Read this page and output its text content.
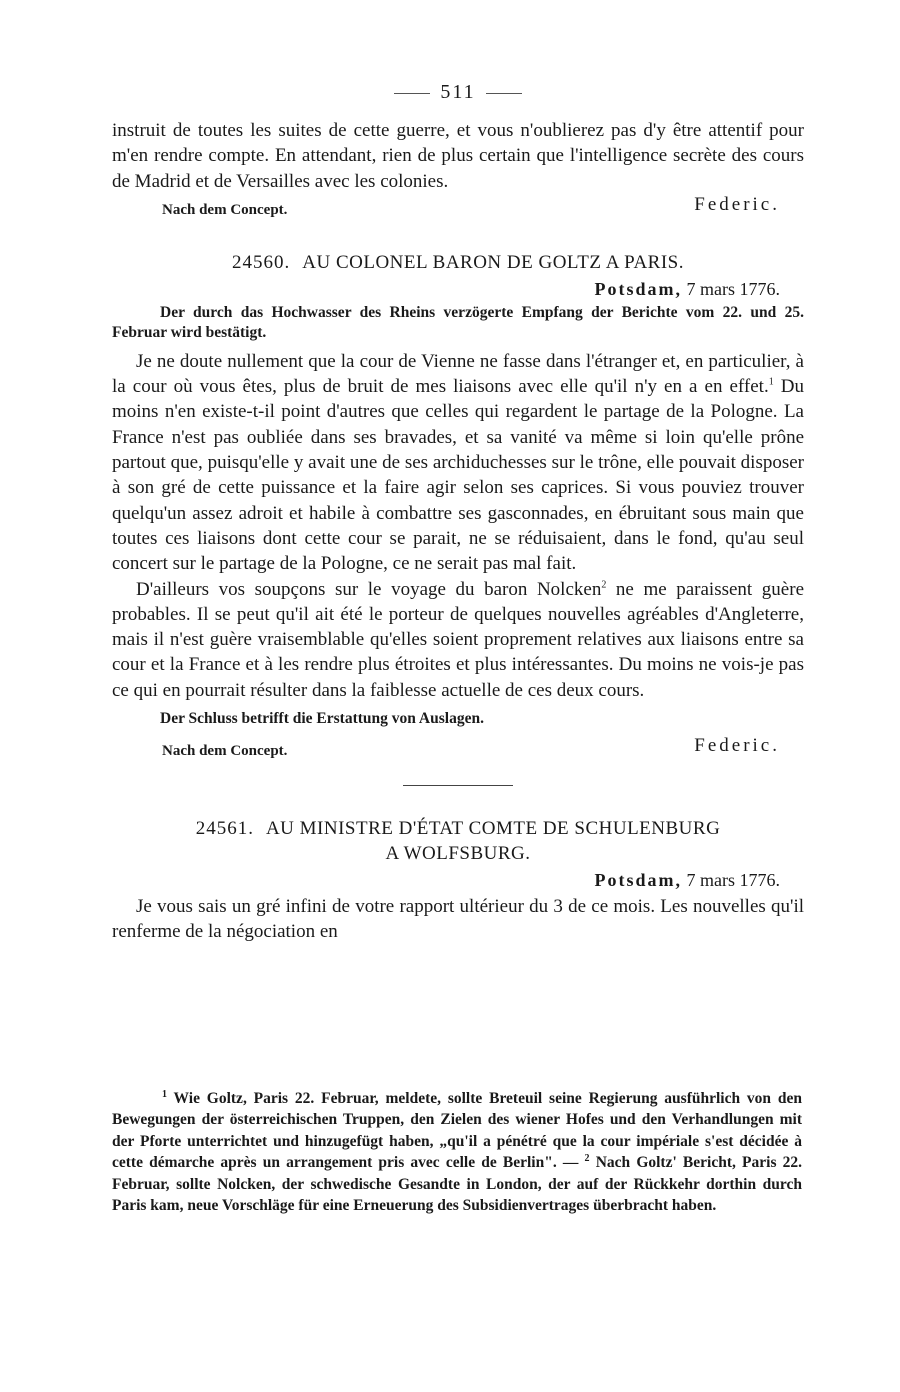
511

instruit de toutes les suites de cette guerre, et vous n'oublierez pas d'y être attentif pour m'en rendre compte. En attendant, rien de plus certain que l'intelligence secrète des cours de Madrid et de Versailles avec les colonies.

Nach dem Concept.	Federic.

24560. AU COLONEL BARON DE GOLTZ A PARIS.

Potsdam, 7 mars 1776.

Der durch das Hochwasser des Rheins verzögerte Empfang der Berichte vom 22. und 25. Februar wird bestätigt.

Je ne doute nullement que la cour de Vienne ne fasse dans l'étranger et, en particulier, à la cour où vous êtes, plus de bruit de mes liaisons avec elle qu'il n'y en a en effet.$^1$ Du moins n'en existe-t-il point d'autres que celles qui regardent le partage de la Pologne. La France n'est pas oubliée dans ses bravades, et sa vanité va même si loin qu'elle prône partout que, puisqu'elle y avait une de ses archiduchesses sur le trône, elle pouvait disposer à son gré de cette puissance et la faire agir selon ses caprices. Si vous pouviez trouver quelqu'un assez adroit et habile à combattre ses gasconnades, en ébruitant sous main que toutes ces liaisons dont cette cour se parait, ne se réduisaient, dans le fond, qu'au seul concert sur le partage de la Pologne, ce ne serait pas mal fait.

D'ailleurs vos soupçons sur le voyage du baron Nolcken$^2$ ne me paraissent guère probables. Il se peut qu'il ait été le porteur de quelques nouvelles agréables d'Angleterre, mais il n'est guère vraisemblable qu'elles soient proprement relatives aux liaisons entre sa cour et la France et à les rendre plus étroites et plus intéressantes. Du moins ne vois-je pas ce qui en pourrait résulter dans la faiblesse actuelle de ces deux cours.

Der Schluss betrifft die Erstattung von Auslagen.

Nach dem Concept.	Federic.

24561. AU MINISTRE D'ÉTAT COMTE DE SCHULENBURG
A WOLFSBURG.

Potsdam, 7 mars 1776.

Je vous sais un gré infini de votre rapport ultérieur du 3 de ce mois. Les nouvelles qu'il renferme de la négociation en

$^1$ Wie Goltz, Paris 22. Februar, meldete, sollte Breteuil seine Regierung ausführlich von den Bewegungen der österreichischen Truppen, den Zielen des wiener Hofes und den Verhandlungen mit der Pforte unterrichtet und hinzugefügt haben, „qu'il a pénétré que la cour impériale s'est décidée à cette démarche après un arrangement pris avec celle de Berlin". — $^2$ Nach Goltz' Bericht, Paris 22. Februar, sollte Nolcken, der schwedische Gesandte in London, der auf der Rückkehr dorthin durch Paris kam, neue Vorschläge für eine Erneuerung des Subsidienvertrages überbracht haben.
